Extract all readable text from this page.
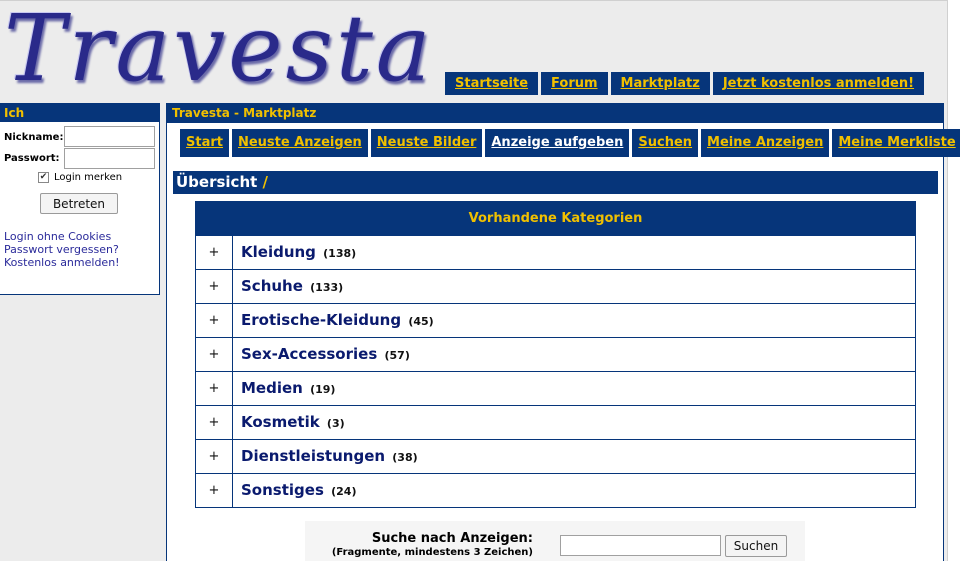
Travesta	Startseite	Forum	Marktplatz	Jetzt kostenlos anmelden!
Ich
Nickname:
Passwort:
✔ Login merken
Betreten
Login ohne Cookies
Passwort vergessen?
Kostenlos anmelden!
Travesta - Marktplatz
Start	Neuste Anzeigen	Neuste Bilder	Anzeige aufgeben	Suchen	Meine Anzeigen	Meine Merkliste
Übersicht /
Vorhandene Kategorien
+	Kleidung (138)
+	Schuhe (133)
+	Erotische-Kleidung (45)
+	Sex-Accessories (57)
+	Medien (19)
+	Kosmetik (3)
+	Dienstleistungen (38)
+	Sonstiges (24)
Suche nach Anzeigen:
(Fragmente, mindestens 3 Zeichen)	Suchen
